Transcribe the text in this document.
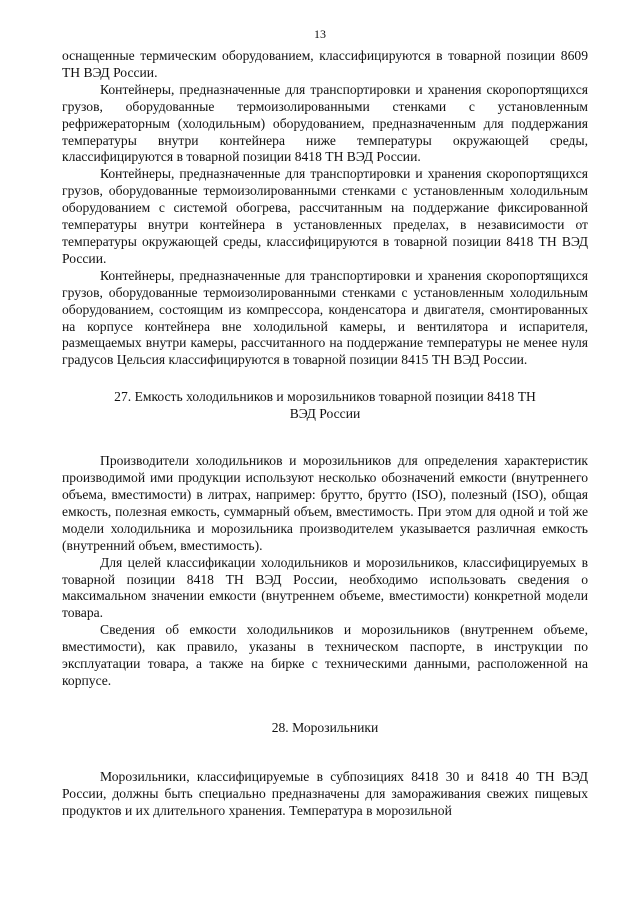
13

оснащенные термическим оборудованием, классифицируются в товарной позиции 8609 ТН ВЭД России.

Контейнеры, предназначенные для транспортировки и хранения скоропортящихся грузов, оборудованные термоизолированными стенками с установленным рефрижераторным (холодильным) оборудованием, предназначенным для поддержания температуры внутри контейнера ниже температуры окружающей среды, классифицируются в товарной позиции 8418 ТН ВЭД России.

Контейнеры, предназначенные для транспортировки и хранения скоропортящихся грузов, оборудованные термоизолированными стенками с установленным холодильным оборудованием с системой обогрева, рассчитанным на поддержание фиксированной температуры внутри контейнера в установленных пределах, в независимости от температуры окружающей среды, классифицируются в товарной позиции 8418 ТН ВЭД России.

Контейнеры, предназначенные для транспортировки и хранения скоропортящихся грузов, оборудованные термоизолированными стенками с установленным холодильным оборудованием, состоящим из компрессора, конденсатора и двигателя, смонтированных на корпусе контейнера вне холодильной камеры, и вентилятора и испарителя, размещаемых внутри камеры, рассчитанного на поддержание температуры не менее нуля градусов Цельсия классифицируются в товарной позиции 8415 ТН ВЭД России.

27. Емкость холодильников и морозильников товарной позиции 8418 ТН ВЭД России

Производители холодильников и морозильников для определения характеристик производимой ими продукции используют несколько обозначений емкости (внутреннего объема, вместимости) в литрах, например: брутто, брутто (ISO), полезный (ISO), общая емкость, полезная емкость, суммарный объем, вместимость. При этом для одной и той же модели холодильника и морозильника производителем указывается различная емкость (внутренний объем, вместимость).

Для целей классификации холодильников и морозильников, классифицируемых в товарной позиции 8418 ТН ВЭД России, необходимо использовать сведения о максимальном значении емкости (внутреннем объеме, вместимости) конкретной модели товара.

Сведения об емкости холодильников и морозильников (внутреннем объеме, вместимости), как правило, указаны в техническом паспорте, в инструкции по эксплуатации товара, а также на бирке с техническими данными, расположенной на корпусе.

28. Морозильники

Морозильники, классифицируемые в субпозициях 8418 30 и 8418 40 ТН ВЭД России, должны быть специально предназначены для замораживания свежих пищевых продуктов и их длительного хранения. Температура в морозильной
